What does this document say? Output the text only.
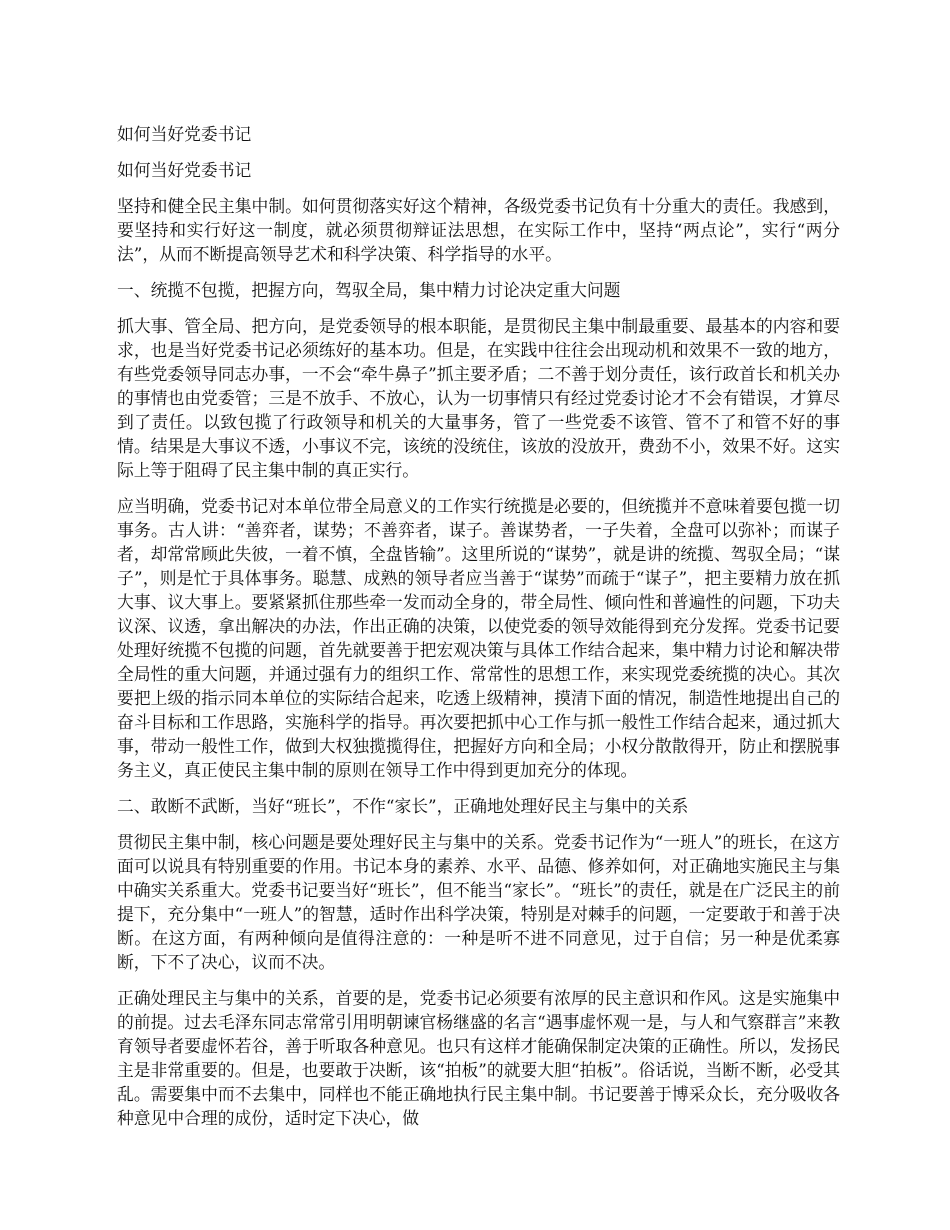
如何当好党委书记

如何当好党委书记

坚持和健全民主集中制。如何贯彻落实好这个精神，各级党委书记负有十分重大的责任。我感到，要坚持和实行好这一制度，就必须贯彻辩证法思想，在实际工作中，坚持“两点论”，实行“两分法”，从而不断提高领导艺术和科学决策、科学指导的水平。

一、统揽不包揽，把握方向，驾驭全局，集中精力讨论决定重大问题

抓大事、管全局、把方向，是党委领导的根本职能，是贯彻民主集中制最重要、最基本的内容和要求，也是当好党委书记必须练好的基本功。但是，在实践中往往会出现动机和效果不一致的地方，有些党委领导同志办事，一不会“牵牛鼻子”抓主要矛盾；二不善于划分责任，该行政首长和机关办的事情也由党委管；三是不放手、不放心，认为一切事情只有经过党委讨论才不会有错误，才算尽到了责任。以致包揽了行政领导和机关的大量事务，管了一些党委不该管、管不了和管不好的事情。结果是大事议不透，小事议不完，该统的没统住，该放的没放开，费劲不小，效果不好。这实际上等于阻碍了民主集中制的真正实行。

应当明确，党委书记对本单位带全局意义的工作实行统揽是必要的，但统揽并不意味着要包揽一切事务。古人讲：“善弈者，谋势；不善弈者，谋子。善谋势者，一子失着，全盘可以弥补；而谋子者，却常常顾此失彼，一着不慎，全盘皆输”。这里所说的“谋势”，就是讲的统揽、驾驭全局；“谋子”，则是忙于具体事务。聪慧、成熟的领导者应当善于“谋势”而疏于“谋子”，把主要精力放在抓大事、议大事上。要紧紧抓住那些牵一发而动全身的，带全局性、倾向性和普遍性的问题，下功夫议深、议透，拿出解决的办法，作出正确的决策，以使党委的领导效能得到充分发挥。党委书记要处理好统揽不包揽的问题，首先就要善于把宏观决策与具体工作结合起来，集中精力讨论和解决带全局性的重大问题，并通过强有力的组织工作、常常性的思想工作，来实现党委统揽的决心。其次要把上级的指示同本单位的实际结合起来，吃透上级精神，摸清下面的情况，制造性地提出自己的奋斗目标和工作思路，实施科学的指导。再次要把抓中心工作与抓一般性工作结合起来，通过抓大事，带动一般性工作，做到大权独揽揽得住，把握好方向和全局；小权分散散得开，防止和摆脱事务主义，真正使民主集中制的原则在领导工作中得到更加充分的体现。

二、敢断不武断，当好“班长”，不作“家长”，正确地处理好民主与集中的关系

贯彻民主集中制，核心问题是要处理好民主与集中的关系。党委书记作为“一班人”的班长，在这方面可以说具有特别重要的作用。书记本身的素养、水平、品德、修养如何，对正确地实施民主与集中确实关系重大。党委书记要当好“班长”，但不能当“家长”。“班长”的责任，就是在广泛民主的前提下，充分集中“一班人”的智慧，适时作出科学决策，特别是对棘手的问题，一定要敢于和善于决断。在这方面，有两种倾向是值得注意的：一种是听不进不同意见，过于自信；另一种是优柔寡断，下不了决心，议而不决。

正确处理民主与集中的关系，首要的是，党委书记必须要有浓厚的民主意识和作风。这是实施集中的前提。过去毛泽东同志常常引用明朝谏官杨继盛的名言“遇事虚怀观一是，与人和气察群言”来教育领导者要虚怀若谷，善于听取各种意见。也只有这样才能确保制定决策的正确性。所以，发扬民主是非常重要的。但是，也要敢于决断，该“拍板”的就要大胆“拍板”。俗话说，当断不断，必受其乱。需要集中而不去集中，同样也不能正确地执行民主集中制。书记要善于博采众长，充分吸收各种意见中合理的成份，适时定下决心，做
